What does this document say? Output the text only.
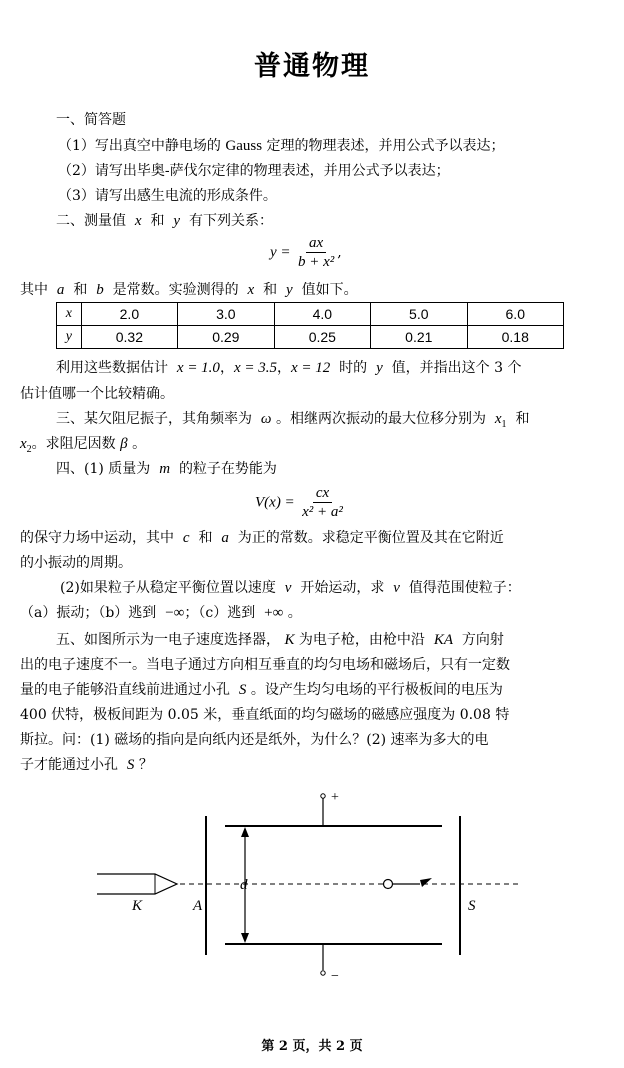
普通物理
一、简答题
（1）写出真空中静电场的 Gauss 定理的物理表述，并用公式予以表达；
（2）请写出毕奥-萨伐尔定律的物理表述，并用公式予以表达；
（3）请写出感生电流的形成条件。
二、测量值 x 和 y 有下列关系：
$y = \frac{ax}{\text{b + x²}}$ ,
其中 a 和 b 是常数。实验测得的 x 和 y 值如下。
x	2.0	3.0	4.0	5.0	6.0
y	0.32	0.29	0.25	0.21	0.18
利用这些数据估计 x = 1.0，x = 3.5，x = 12 时的 y 值，并指出这个 3 个
估计值哪一个比较精确。
三、某欠阻尼振子，其角频率为 ω 。相继两次振动的最大位移分别为 $x_1$ 和
$x_2$。求阻尼因数 β 。
四、(1) 质量为 m 的粒子在势能为
$V(x) = \frac{cx}{\text{x² + a²}}$
的保守力场中运动，其中 c 和 a 为正的常数。求稳定平衡位置及其在它附近
的小振动的周期。
(2)如果粒子从稳定平衡位置以速度 v 开始运动，求 v 值得范围使粒子：
（a）振动；（b）逃到 −∞；（c）逃到 +∞ 。
五、如图所示为一电子速度选择器， K 为电子枪，由枪中沿 KA 方向射
出的电子速度不一。当电子通过方向相互垂直的均匀电场和磁场后，只有一定数
量的电子能够沿直线前进通过小孔 S 。设产生均匀电场的平行极板间的电压为
400 伏特，极板间距为 0.05 米，垂直纸面的均匀磁场的磁感应强度为 0.08 特
斯拉。问：(1) 磁场的指向是向纸内还是纸外，为什么？(2) 速率为多大的电
子才能通过小孔 S ？
+
−
d
K	A	S
第 2 页，共 2 页
